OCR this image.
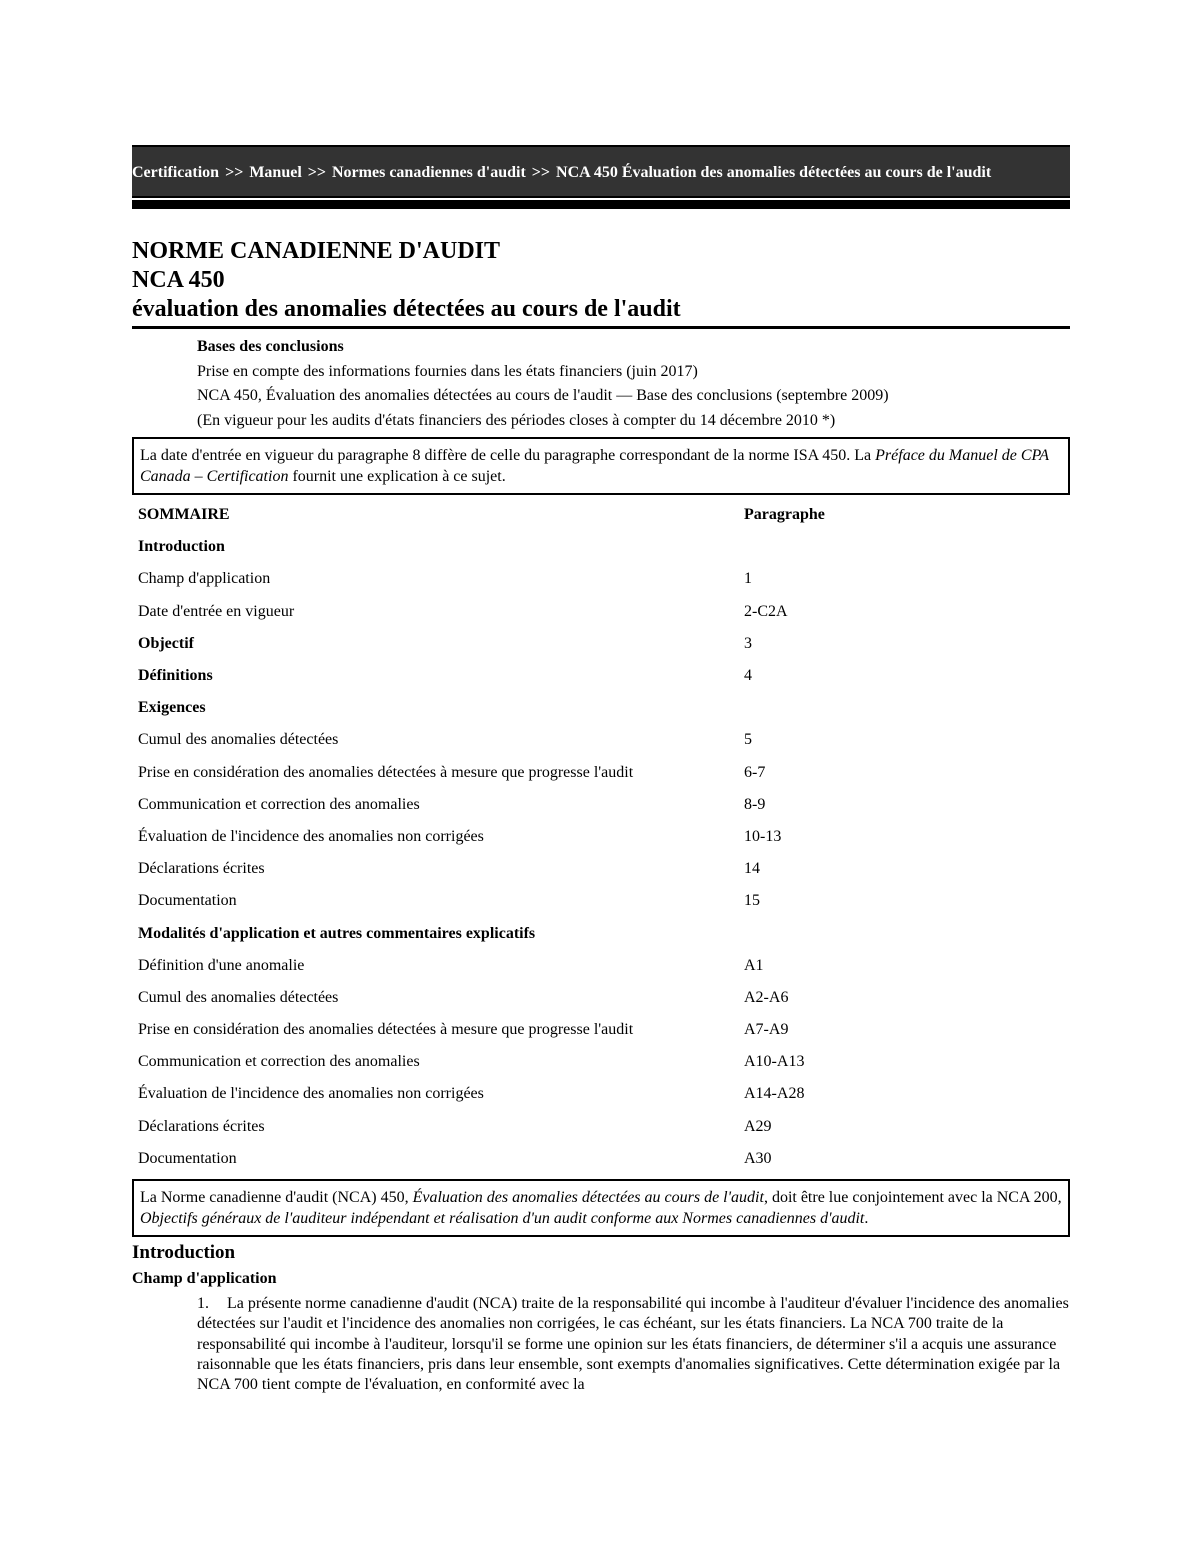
Certification >> Manuel >> Normes canadiennes d'audit >> NCA 450 Évaluation des anomalies détectées au cours de l'audit
NORME CANADIENNE D'AUDIT
NCA 450
évaluation des anomalies détectées au cours de l'audit
Bases des conclusions
Prise en compte des informations fournies dans les états financiers (juin 2017)
NCA 450, Évaluation des anomalies détectées au cours de l'audit — Base des conclusions (septembre 2009)
(En vigueur pour les audits d'états financiers des périodes closes à compter du 14 décembre 2010 *)
La date d'entrée en vigueur du paragraphe 8 diffère de celle du paragraphe correspondant de la norme ISA 450. La Préface du Manuel de CPA Canada – Certification fournit une explication à ce sujet.
SOMMAIRE	Paragraphe
Introduction	
Champ d'application	1
Date d'entrée en vigueur	2-C2A
Objectif	3
Définitions	4
Exigences	
Cumul des anomalies détectées	5
Prise en considération des anomalies détectées à mesure que progresse l'audit	6-7
Communication et correction des anomalies	8-9
Évaluation de l'incidence des anomalies non corrigées	10-13
Déclarations écrites	14
Documentation	15
Modalités d'application et autres commentaires explicatifs	
Définition d'une anomalie	A1
Cumul des anomalies détectées	A2-A6
Prise en considération des anomalies détectées à mesure que progresse l'audit	A7-A9
Communication et correction des anomalies	A10-A13
Évaluation de l'incidence des anomalies non corrigées	A14-A28
Déclarations écrites	A29
Documentation	A30
La Norme canadienne d'audit (NCA) 450, Évaluation des anomalies détectées au cours de l'audit, doit être lue conjointement avec la NCA 200, Objectifs généraux de l'auditeur indépendant et réalisation d'un audit conforme aux Normes canadiennes d'audit.
Introduction
Champ d'application
1. La présente norme canadienne d'audit (NCA) traite de la responsabilité qui incombe à l'auditeur d'évaluer l'incidence des anomalies détectées sur l'audit et l'incidence des anomalies non corrigées, le cas échéant, sur les états financiers. La NCA 700 traite de la responsabilité qui incombe à l'auditeur, lorsqu'il se forme une opinion sur les états financiers, de déterminer s'il a acquis une assurance raisonnable que les états financiers, pris dans leur ensemble, sont exempts d'anomalies significatives. Cette détermination exigée par la NCA 700 tient compte de l'évaluation, en conformité avec la
